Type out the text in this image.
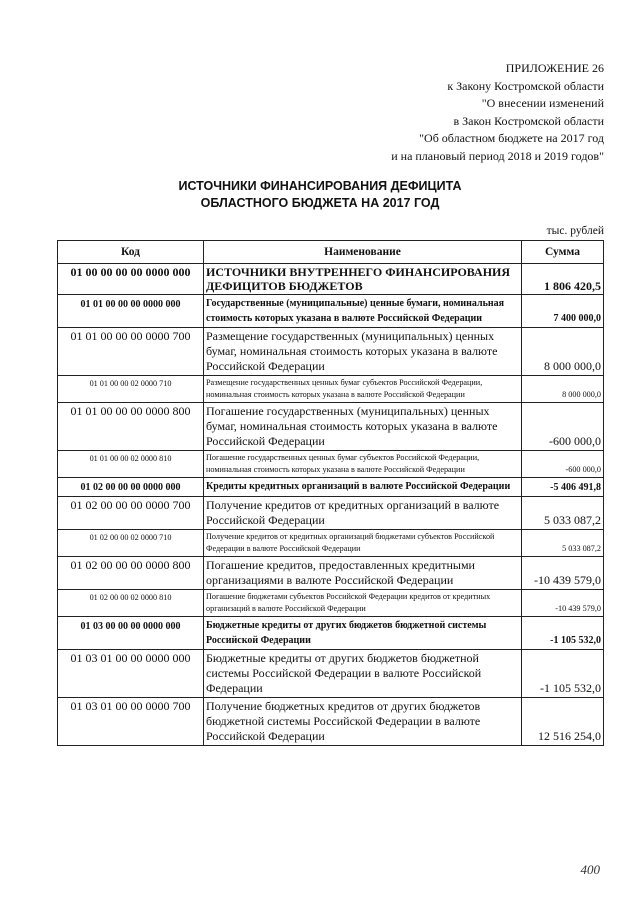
ПРИЛОЖЕНИЕ 26
к Закону Костромской области
"О внесении изменений
в Закон Костромской области
"Об областном бюджете на 2017 год
и на плановый период 2018 и 2019 годов"
ИСТОЧНИКИ ФИНАНСИРОВАНИЯ ДЕФИЦИТА
ОБЛАСТНОГО БЮДЖЕТА НА 2017 ГОД
тыс. рублей
Код	Наименование	Сумма
01 00 00 00 00 0000 000	ИСТОЧНИКИ ВНУТРЕННЕГО ФИНАНСИРОВАНИЯ ДЕФИЦИТОВ БЮДЖЕТОВ	1 806 420,5
01 01 00 00 00 0000 000	Государственные (муниципальные) ценные бумаги, номинальная стоимость которых указана в валюте Российской Федерации	7 400 000,0
01 01 00 00 00 0000 700	Размещение государственных (муниципальных) ценных бумаг, номинальная стоимость которых указана в валюте Российской Федерации	8 000 000,0
01 01 00 00 02 0000 710	Размещение государственных ценных бумаг субъектов Российской Федерации, номинальная стоимость которых указана в валюте Российской Федерации	8 000 000,0
01 01 00 00 00 0000 800	Погашение государственных (муниципальных) ценных бумаг, номинальная стоимость которых указана в валюте Российской Федерации	-600 000,0
01 01 00 00 02 0000 810	Погашение государственных ценных бумаг субъектов Российской Федерации, номинальная стоимость которых указана в валюте Российской Федерации	-600 000,0
01 02 00 00 00 0000 000	Кредиты кредитных организаций в валюте Российской Федерации	-5 406 491,8
01 02 00 00 00 0000 700	Получение кредитов от кредитных организаций в валюте Российской Федерации	5 033 087,2
01 02 00 00 02 0000 710	Получение кредитов от кредитных организаций бюджетами субъектов Российской Федерации в валюте Российской Федерации	5 033 087,2
01 02 00 00 00 0000 800	Погашение кредитов, предоставленных кредитными организациями в валюте Российской Федерации	-10 439 579,0
01 02 00 00 02 0000 810	Погашение бюджетами субъектов Российской Федерации кредитов от кредитных организаций в валюте Российской Федерации	-10 439 579,0
01 03 00 00 00 0000 000	Бюджетные кредиты от других бюджетов бюджетной системы Российской Федерации	-1 105 532,0
01 03 01 00 00 0000 000	Бюджетные кредиты от других бюджетов бюджетной системы Российской Федерации в валюте Российской Федерации	-1 105 532,0
01 03 01 00 00 0000 700	Получение бюджетных кредитов от других бюджетов бюджетной системы Российской Федерации в валюте Российской Федерации	12 516 254,0
400
